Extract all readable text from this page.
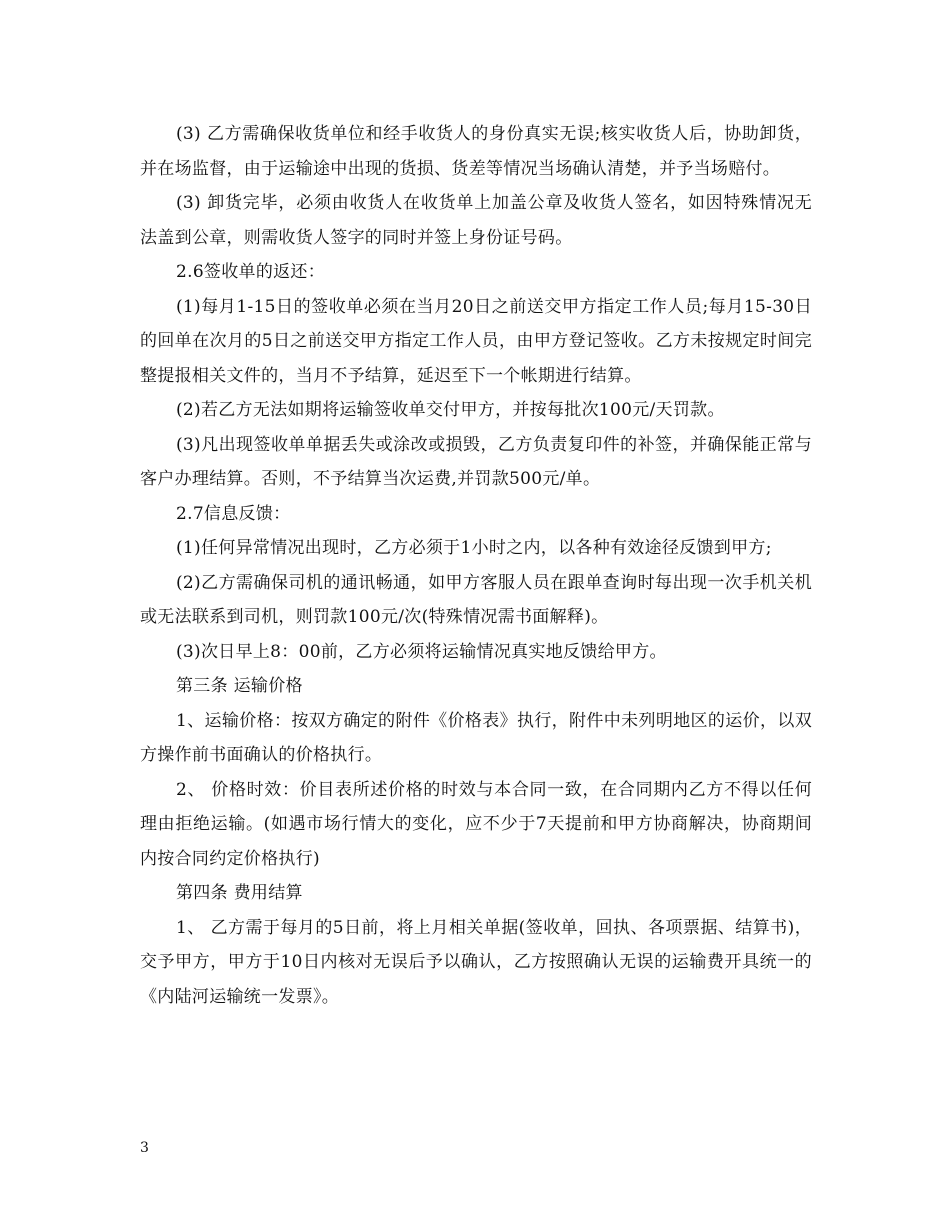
(3) 乙方需确保收货单位和经手收货人的身份真实无误;核实收货人后，协助卸货，并在场监督，由于运输途中出现的货损、货差等情况当场确认清楚，并予当场赔付。

(3) 卸货完毕，必须由收货人在收货单上加盖公章及收货人签名，如因特殊情况无法盖到公章，则需收货人签字的同时并签上身份证号码。

2.6签收单的返还：

(1)每月1-15日的签收单必须在当月20日之前送交甲方指定工作人员;每月15-30日的回单在次月的5日之前送交甲方指定工作人员，由甲方登记签收。乙方未按规定时间完整提报相关文件的，当月不予结算，延迟至下一个帐期进行结算。

(2)若乙方无法如期将运输签收单交付甲方，并按每批次100元/天罚款。

(3)凡出现签收单单据丢失或涂改或损毁，乙方负责复印件的补签，并确保能正常与客户办理结算。否则，不予结算当次运费,并罚款500元/单。

2.7信息反馈：

(1)任何异常情况出现时，乙方必须于1小时之内，以各种有效途径反馈到甲方;

(2)乙方需确保司机的通讯畅通，如甲方客服人员在跟单查询时每出现一次手机关机或无法联系到司机，则罚款100元/次(特殊情况需书面解释)。

(3)次日早上8：00前，乙方必须将运输情况真实地反馈给甲方。

第三条 运输价格

1、运输价格：按双方确定的附件《价格表》执行，附件中未列明地区的运价，以双方操作前书面确认的价格执行。

2、 价格时效：价目表所述价格的时效与本合同一致，在合同期内乙方不得以任何理由拒绝运输。(如遇市场行情大的变化，应不少于7天提前和甲方协商解决，协商期间内按合同约定价格执行)

第四条 费用结算

1、 乙方需于每月的5日前，将上月相关单据(签收单，回执、各项票据、结算书)，交予甲方，甲方于10日内核对无误后予以确认，乙方按照确认无误的运输费开具统一的《内陆河运输统一发票》。

3
